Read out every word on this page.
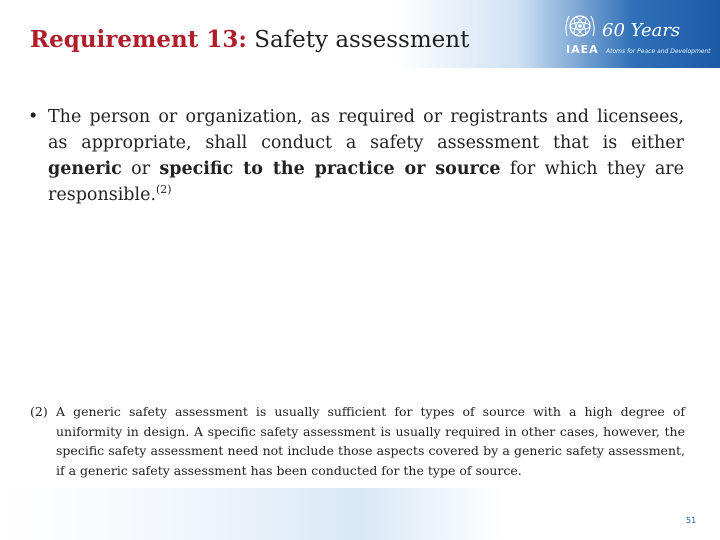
Requirement 13: Safety assessment	60 Years
IAEA Atoms for Peace and Development
• The person or organization, as required or registrants and licensees, as appropriate, shall conduct a safety assessment that is either generic or specific to the practice or source for which they are responsible.$^{(2)}$
(2) A generic safety assessment is usually sufficient for types of source with a high degree of uniformity in design. A specific safety assessment is usually required in other cases, however, the specific safety assessment need not include those aspects covered by a generic safety assessment, if a generic safety assessment has been conducted for the type of source.
51
